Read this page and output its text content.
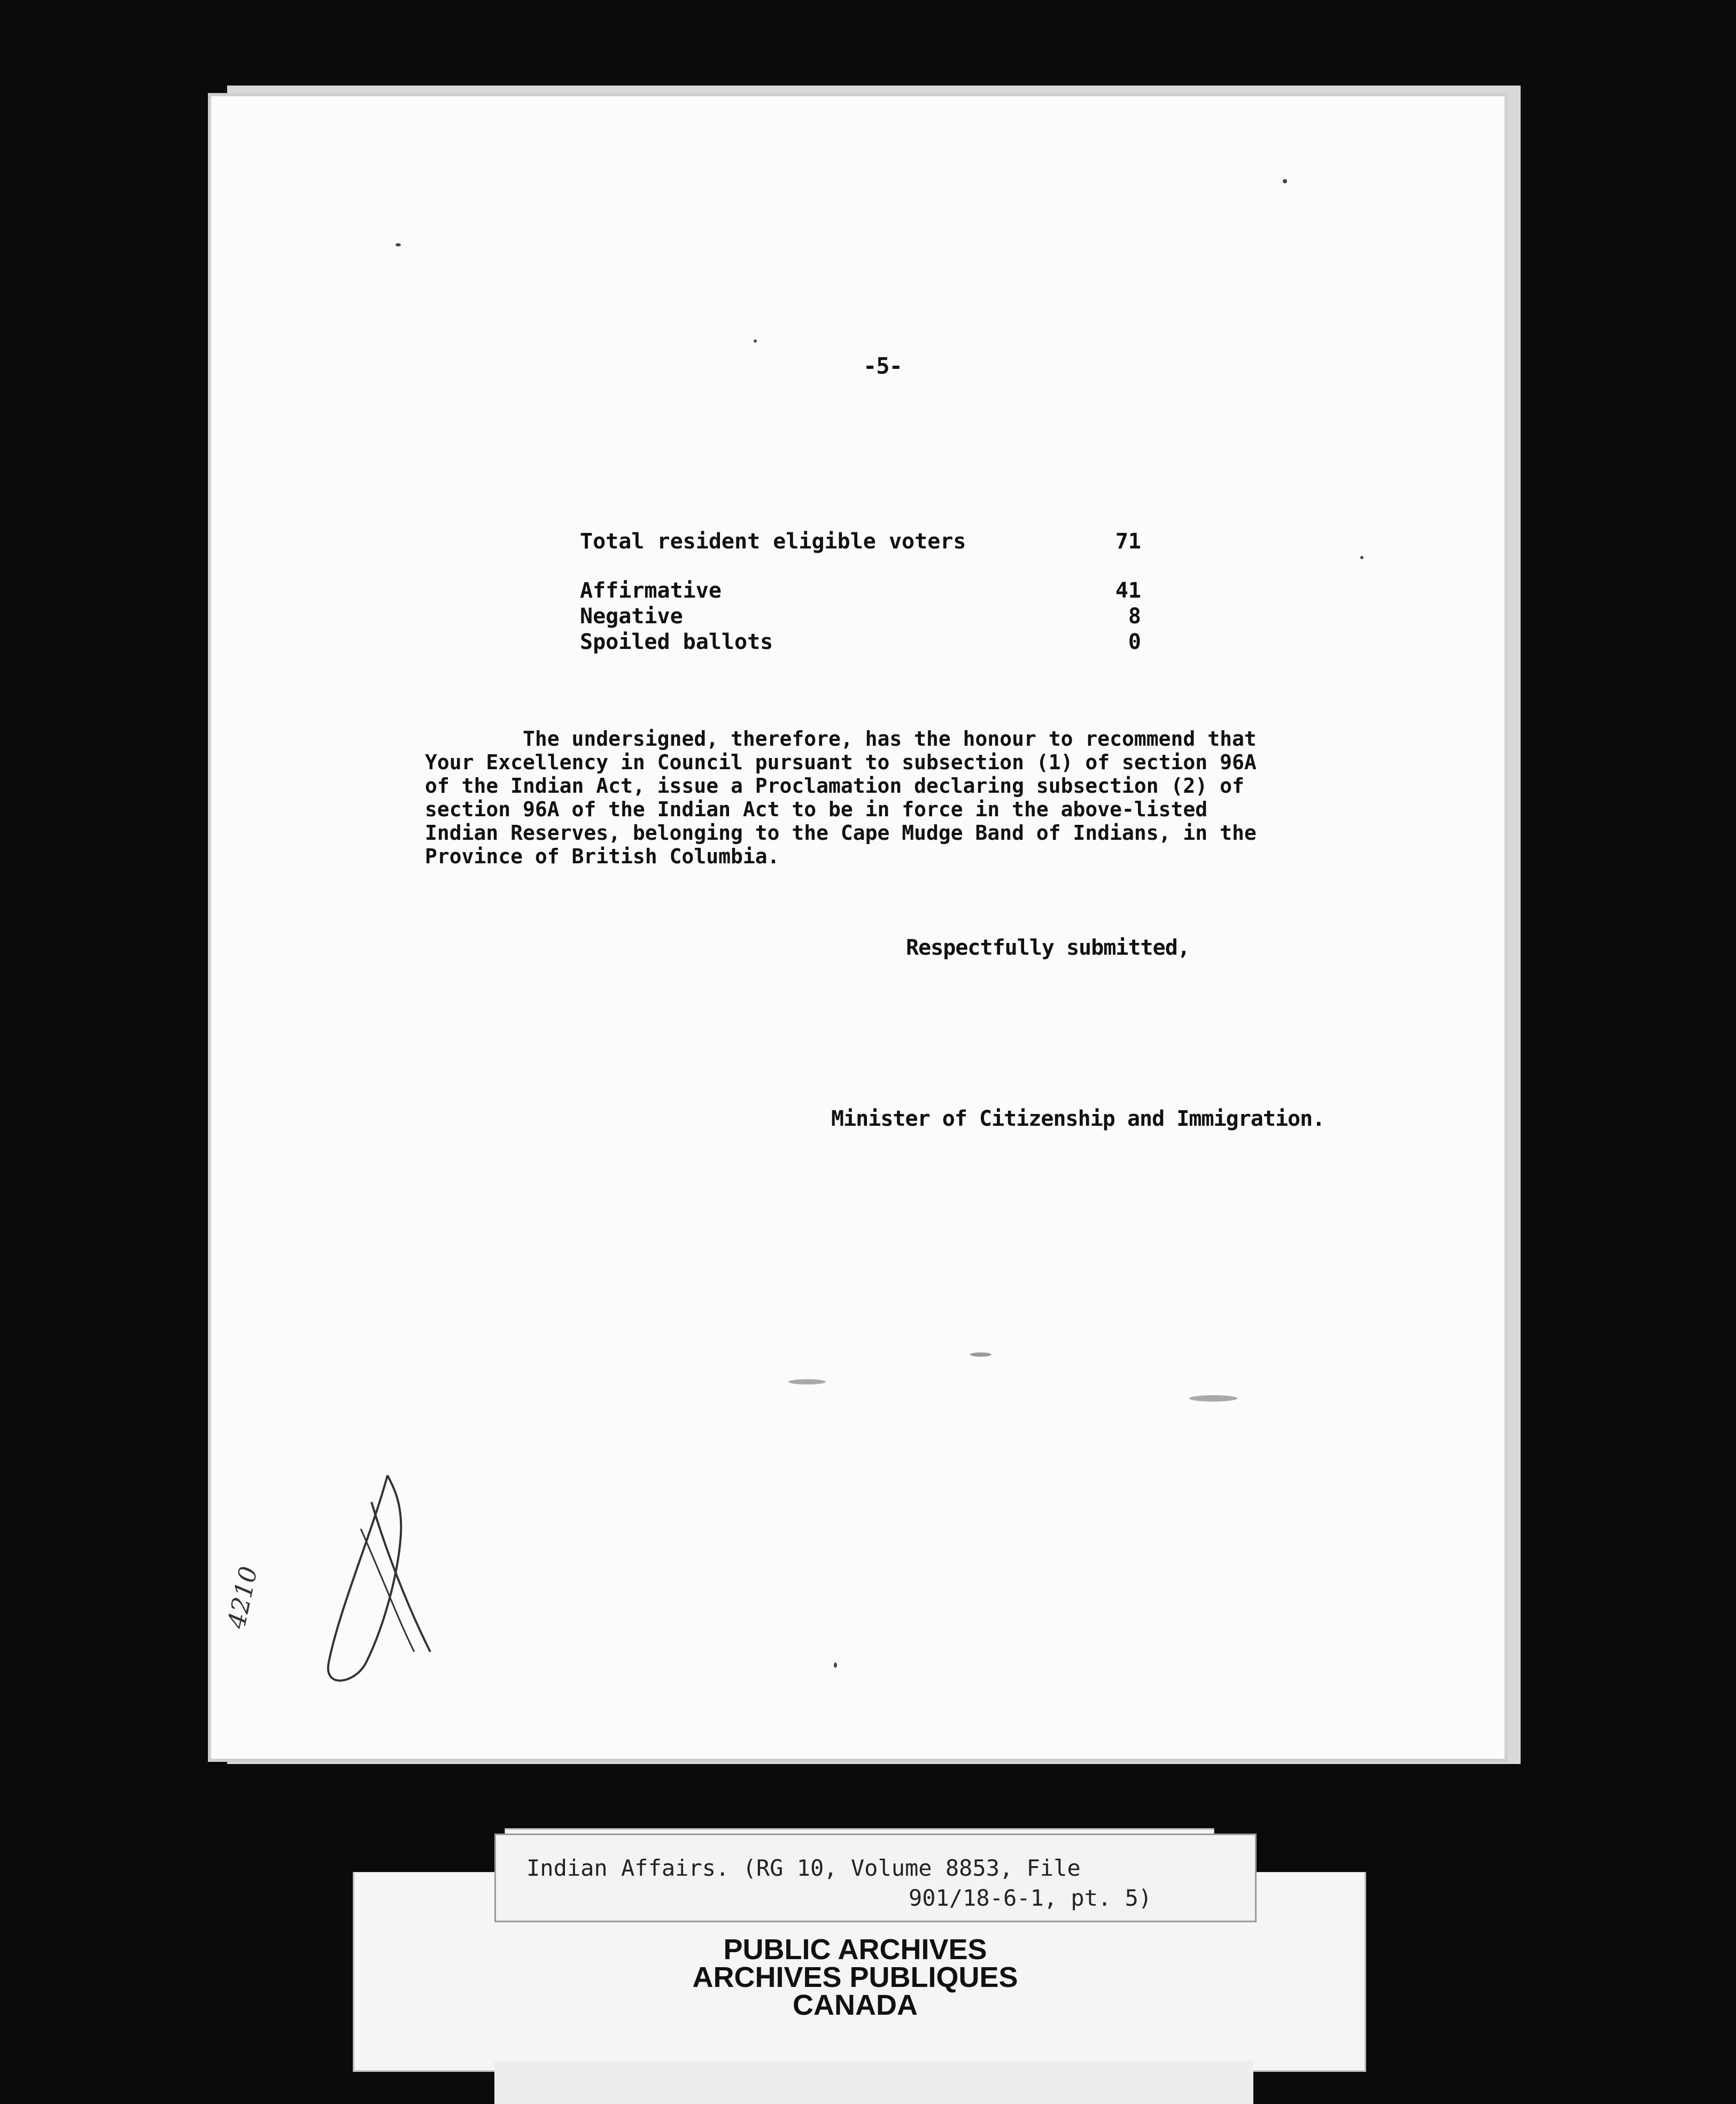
-5-
Total resident eligible voters	71
Affirmative	41
Negative	8
Spoiled ballots	0
The undersigned, therefore, has the honour to recommend that
Your Excellency in Council pursuant to subsection (1) of section 96A
of the Indian Act, issue a Proclamation declaring subsection (2) of
section 96A of the Indian Act to be in force in the above-listed
Indian Reserves, belonging to the Cape Mudge Band of Indians, in the
Province of British Columbia.
Respectfully submitted,
Minister of Citizenship and Immigration.
4210
Indian Affairs. (RG 10, Volume 8853, File
901/18-6-1, pt. 5)
PUBLIC ARCHIVES
ARCHIVES PUBLIQUES
CANADA
